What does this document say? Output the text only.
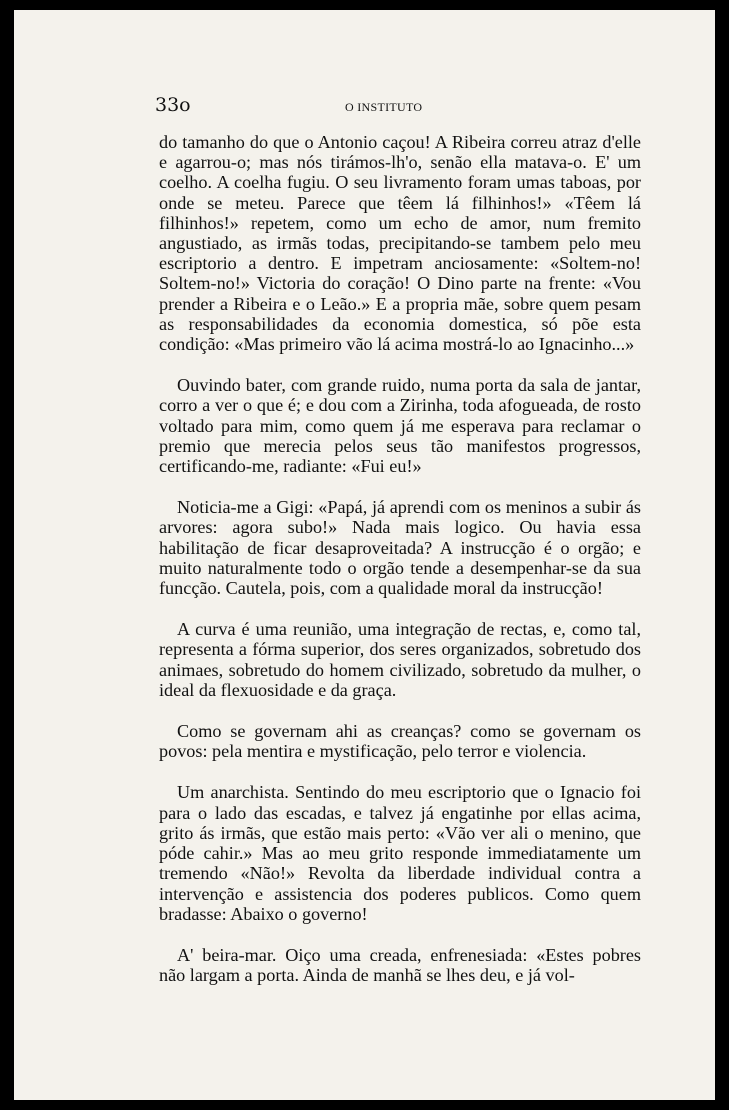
33o	O INSTITUTO

do tamanho do que o Antonio caçou! A Ribeira correu atraz d'elle e agarrou-o; mas nós tirámos-lh'o, senão ella matava-o. E' um coelho. A coelha fugiu. O seu livramento foram umas taboas, por onde se meteu. Parece que têem lá filhinhos!» «Têem lá filhinhos!» repetem, como um echo de amor, num fremito angustiado, as irmãs todas, precipitando-se tambem pelo meu escriptorio a dentro. E impetram anciosamente: «Soltem-no! Soltem-no!» Victoria do coração! O Dino parte na frente: «Vou prender a Ribeira e o Leão.» E a propria mãe, sobre quem pesam as responsabilidades da economia domestica, só põe esta condição: «Mas primeiro vão lá acima mostrá-lo ao Ignacinho...»

Ouvindo bater, com grande ruido, numa porta da sala de jantar, corro a ver o que é; e dou com a Zirinha, toda afogueada, de rosto voltado para mim, como quem já me esperava para reclamar o premio que merecia pelos seus tão manifestos progressos, certificando-me, radiante: «Fui eu!»

Noticia-me a Gigi: «Papá, já aprendi com os meninos a subir ás arvores: agora subo!» Nada mais logico. Ou havia essa habilitação de ficar desaproveitada? A instrucção é o orgão; e muito naturalmente todo o orgão tende a desempenhar-se da sua funcção. Cautela, pois, com a qualidade moral da instrucção!

A curva é uma reunião, uma integração de rectas, e, como tal, representa a fórma superior, dos seres organizados, sobretudo dos animaes, sobretudo do homem civilizado, sobretudo da mulher, o ideal da flexuosidade e da graça.

Como se governam ahi as creanças? como se governam os povos: pela mentira e mystificação, pelo terror e violencia.

Um anarchista. Sentindo do meu escriptorio que o Ignacio foi para o lado das escadas, e talvez já engatinhe por ellas acima, grito ás irmãs, que estão mais perto: «Vão ver ali o menino, que póde cahir.» Mas ao meu grito responde immediatamente um tremendo «Não!» Revolta da liberdade individual contra a intervenção e assistencia dos poderes publicos. Como quem bradasse: Abaixo o governo!

A' beira-mar. Oiço uma creada, enfrenesiada: «Estes pobres não largam a porta. Ainda de manhã se lhes deu, e já vol-
